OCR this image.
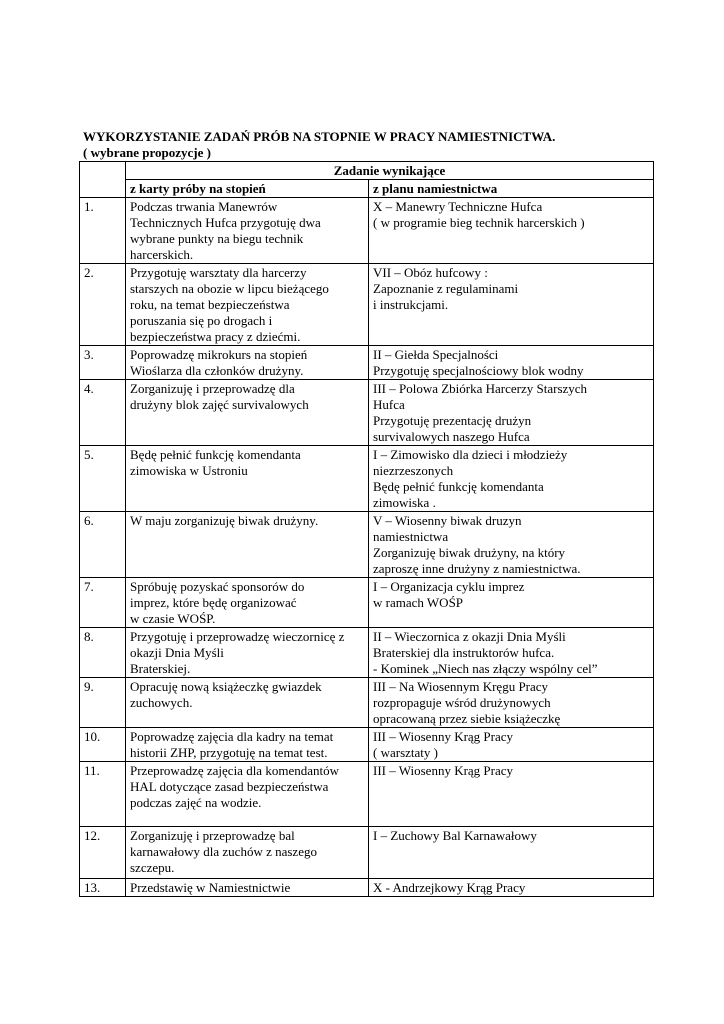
WYKORZYSTANIE ZADAŃ PRÓB NA STOPNIE W PRACY NAMIESTNICTWA.
( wybrane propozycje )
	Zadanie wynikające	
	z karty próby na stopień	z planu namiestnictwa
1.	Podczas trwania Manewrów
Technicznych Hufca przygotuję dwa
wybrane punkty na biegu technik
harcerskich.	X – Manewry Techniczne Hufca
( w programie bieg technik harcerskich )
2.	Przygotuję warsztaty dla harcerzy
starszych na obozie w lipcu bieżącego
roku, na temat bezpieczeństwa
poruszania się po drogach i
bezpieczeństwa pracy z dziećmi.	VII – Obóz hufcowy :
Zapoznanie z regulaminami
i instrukcjami.
3.	Poprowadzę mikrokurs na stopień
Wioślarza dla członków drużyny.	II – Giełda Specjalności
Przygotuję specjalnościowy blok wodny
4.	Zorganizuję i przeprowadzę dla
drużyny blok zajęć survivalowych	III – Polowa Zbiórka Harcerzy Starszych
Hufca
Przygotuję prezentację drużyn
survivalowych naszego Hufca
5.	Będę pełnić funkcję komendanta
zimowiska w Ustroniu	I – Zimowisko dla dzieci i młodzieży
niezrzeszonych
Będę pełnić funkcję komendanta
zimowiska .
6.	W maju zorganizuję biwak drużyny.	V – Wiosenny biwak druzyn
namiestnictwa
Zorganizuję biwak drużyny, na który
zaproszę inne drużyny z namiestnictwa.
7.	Spróbuję pozyskać sponsorów do
imprez, które będę organizować
w czasie WOŚP.	I – Organizacja cyklu imprez
w ramach WOŚP
8.	Przygotuję i przeprowadzę wieczornicę z
okazji Dnia Myśli
Braterskiej.	II – Wieczornica z okazji Dnia Myśli
Braterskiej dla instruktorów hufca.
- Kominek „Niech nas złączy wspólny cel”
9.	Opracuję nową książeczkę gwiazdek
zuchowych.	III – Na Wiosennym Kręgu Pracy
rozpropaguje wśród drużynowych
opracowaną przez siebie książeczkę
10.	Poprowadzę zajęcia dla kadry na temat
historii ZHP, przygotuję na temat test.	III – Wiosenny Krąg Pracy
( warsztaty )
11.	Przeprowadzę zajęcia dla komendantów
HAL dotyczące zasad bezpieczeństwa
podczas zajęć na wodzie.	III – Wiosenny Krąg Pracy
12.	Zorganizuję i przeprowadzę bal
karnawałowy dla zuchów z naszego
szczepu.	I – Zuchowy Bal Karnawałowy
13.	Przedstawię w Namiestnictwie	X - Andrzejkowy Krąg Pracy
